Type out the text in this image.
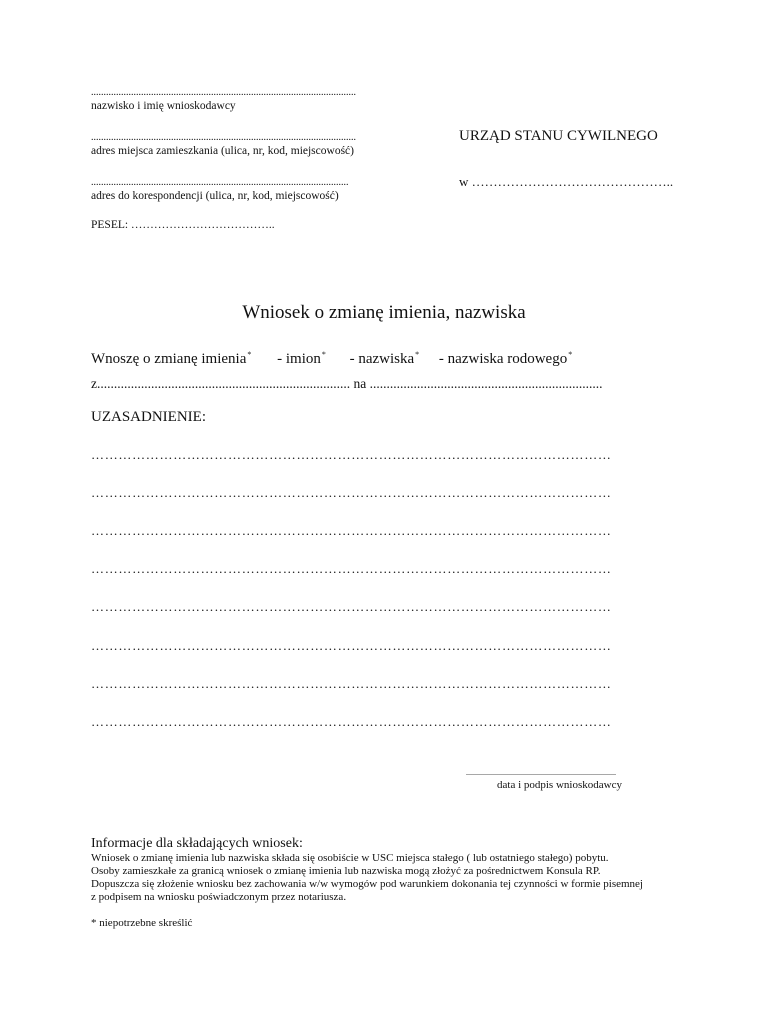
..........................................................................................................
nazwisko i imię wnioskodawcy
..........................................................................................................
adres miejsca zamieszkania (ulica, nr, kod, miejscowość)
.......................................................................................................
adres do korespondencji (ulica, nr, kod, miejscowość)
PESEL: ………………………………..
URZĄD STANU CYWILNEGO
w ………………………………………..
Wniosek o zmianę imienia, nazwiska
Wnoszę o zmianę imienia* - imion* - nazwiska* - nazwiska rodowego*
z........................................................................... na .....................................................................
UZASADNIENIE:
……………………………………………………………………………………………………
……………………………………………………………………………………………………
……………………………………………………………………………………………………
……………………………………………………………………………………………………
……………………………………………………………………………………………………
……………………………………………………………………………………………………
……………………………………………………………………………………………………
……………………………………………………………………………………………………
...........................................................................
data i podpis wnioskodawcy
Informacje dla składających wniosek:
Wniosek o zmianę imienia lub nazwiska składa się osobiście w USC miejsca stałego ( lub ostatniego stałego) pobytu.
Osoby zamieszkałe za granicą wniosek o zmianę imienia lub nazwiska mogą złożyć za pośrednictwem Konsula RP.
Dopuszcza się złożenie wniosku bez zachowania w/w wymogów pod warunkiem dokonania tej czynności w formie pisemnej
z podpisem na wniosku poświadczonym przez notariusza.
* niepotrzebne skreślić
